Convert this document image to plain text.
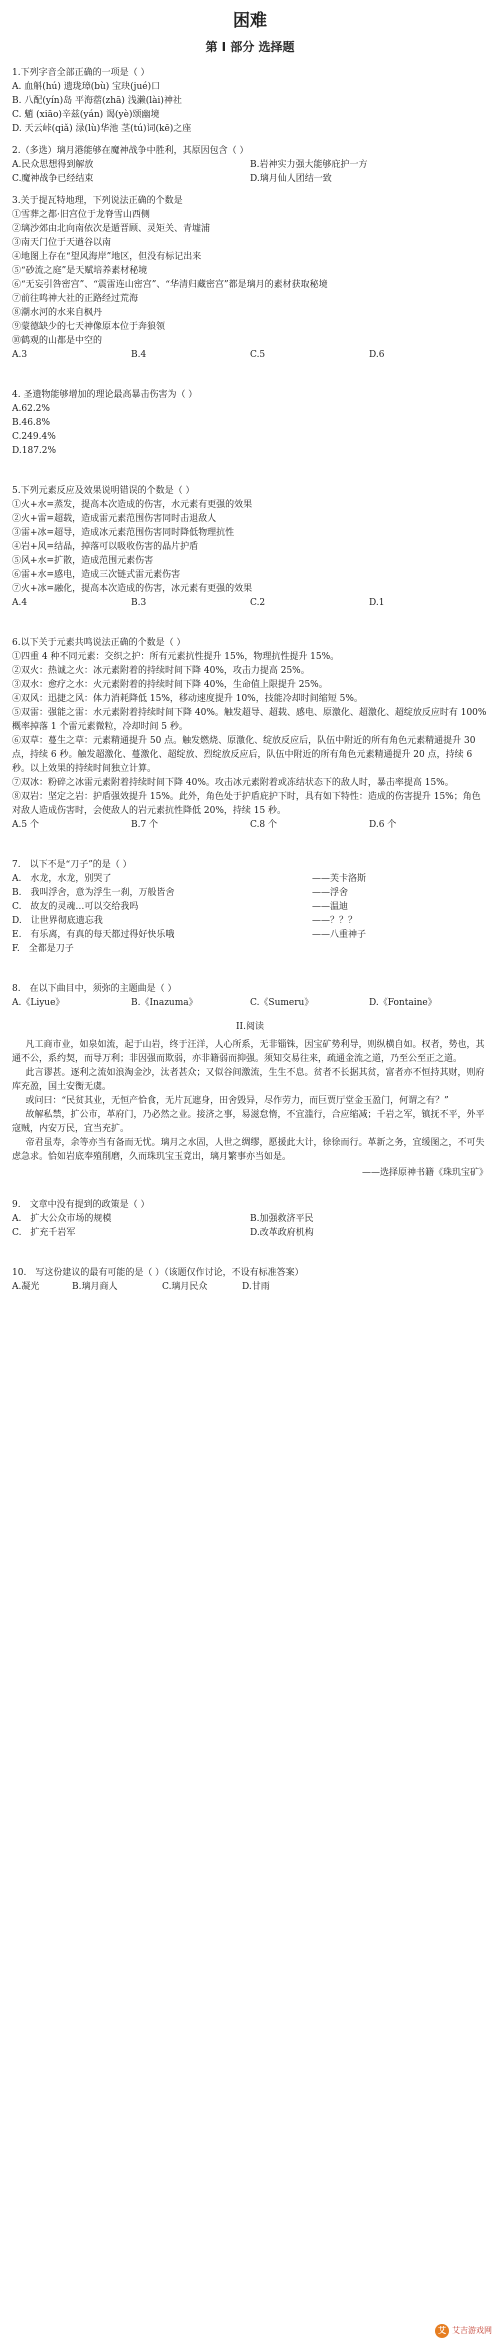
困难
第 I 部分 选择题
1.下列字音全部正确的一项是（ ）
A. 血斛(hú) 遗珑璋(bù) 宝玦(jué)口
B. 八配(yín)岛 平海蓿(zhā) 浅濑(lài)神社
C. 魈 (xiāo)辛兹(yán) 谒(yè)颂幽境
D. 天云峠(qiǎ) 渌(lù)华池 茎(tú)词(kē)之座
2.（多选）璃月港能够在魔神战争中胜利，其原因包含（ ）
A.民众思想得到解放	B.岩神实力强大能够庇护一方
C.魔神战争已经结束	D.璃月仙人团结一致
3.关于提瓦特地理，下列说法正确的个数是
①雪葬之都·旧宫位于龙脊雪山西侧
②璃沙郊由北向南依次是遁晋顾、灵矩关、青墟浦
③南天门位于天遒谷以南
④地图上存在“望风海岸”地区，但没有标记出来
⑤“砂流之庭”是天赋培养素材秘境
⑥“无妄引咎密宫”、“震雷连山密宫”、“华清归藏密宫”都是璃月的素材获取秘境
⑦前往鸣神大社的正路经过荒海
⑧潮水河的水来自枫丹
⑨蒙德缺少的七天神像原本位于奔狼领
⑩鹤观的山都是中空的
A.3	B.4	C.5	D.6
4. 圣遗物能够增加的理论最高暴击伤害为（ ）
A.62.2%
B.46.8%
C.249.4%
D.187.2%
5.下列元素反应及效果说明错误的个数是（ ）
①火+水=蒸发，提高本次造成的伤害，水元素有更强的效果
②火+雷=超载，造成雷元素范围伤害同时击退敌人
③雷+冰=超导，造成冰元素范围伤害同时降低物理抗性
④岩+风=结晶，掉落可以吸收伤害的晶片护盾
⑤风+水=扩散，造成范围元素伤害
⑥雷+水=感电，造成三次链式雷元素伤害
⑦火+冰=融化，提高本次造成的伤害，冰元素有更强的效果
A.4	B.3	C.2	D.1
6.以下关于元素共鸣说法正确的个数是（ ）
①四重 4 种不同元素：交织之护：所有元素抗性提升 15%，物理抗性提升 15%。
②双火：热诚之火：冰元素附着的持续时间下降 40%，攻击力提高 25%。
③双水：愈疗之水：火元素附着的持续时间下降 40%，生命值上限提升 25%。
④双风：迅捷之风：体力消耗降低 15%，移动速度提升 10%，技能冷却时间缩短 5%。
⑤双雷：强能之雷：水元素附着持续时间下降 40%。触发超导、超载、感电、原激化、超激化、超绽放反应时有 100%概率掉落 1 个雷元素微粒，冷却时间 5 秒。
⑥双草：蔓生之草：元素精通提升 50 点。触发燃烧、原激化、绽放反应后，队伍中附近的所有角色元素精通提升 30 点，持续 6 秒。触发超激化、蔓激化、超绽放、烈绽放反应后，队伍中附近的所有角色元素精通提升 20 点，持续 6 秒。以上效果的持续时间独立计算。
⑦双冰：粉碎之冰雷元素附着持续时间下降 40%。攻击冰元素附着或冻结状态下的敌人时，暴击率提高 15%。
⑧双岩：坚定之岩：护盾强效提升 15%。此外，角色处于护盾庇护下时，具有如下特性：造成的伤害提升 15%；角色对敌人造成伤害时，会使敌人的岩元素抗性降低 20%，持续 15 秒。
A.5 个	B.7 个	C.8 个	D.6 个
7.　以下不是“刀子”的是（ ）
A.　水龙，水龙，别哭了	——芙卡洛斯
B.　我叫浮舍，意为浮生一刹，万般皆舍	——浮舍
C.　故友的灵魂…可以交给我吗	——温迪
D.　让世界彻底遗忘我	——？？？
E.　有乐离，有真的每天都过得好快乐哦	——八重神子
F.　全都是刀子
8.　在以下曲目中，须弥的主题曲是（ ）
A.《Liyue》	B.《Inazuma》	C.《Sumeru》	D.《Fontaine》
II.阅读

凡工商市业，如泉如流，起于山岩，终于汪洋，人心所系，无非锱铢，因宝矿势利导，则纵横自如。权者，势也，其通不公，系约契，而导万利；非因强而欺弱，亦非籍弱而抑强。须知交易往来，疏通金流之道，乃至公至正之道。

此言谬甚。逐利之流如浪淘金沙，汰者甚众；又似谷间激流，生生不息。贫者不长据其贫，富者亦不恒持其财，则府库充盈，国土安衡无虞。

或问曰：“民贫其业，无恒产恰食，无片瓦遮身，田舍毁异，尽作劳力，而巨贾厅堂金玉盈门，何谓之有？”

故解私禁，扩公市，革府门，乃必然之业。接济之事，易滋怠惰，不宜滥行，合应缩减；千岩之军，镇抚不平，外平寇贼，内安万民，宜当充扩。

帝君虽寿，余等亦当有备而无忧。璃月之水固，人世之绸缪，愿援此大计，徐徐而行。革新之务，宜缓图之，不可失虑急求。恰如岩底奉殖削磨，久而珠玑宝玉竟出，璃月繁事亦当如是。

——选择原神书籍《珠玑宝矿》
9.　文章中没有提到的政策是（ ）
A.　扩大公众市场的规模	B.加强救济平民
C.　扩充千岩军	D.改革政府机构
10.　写这份建议的最有可能的是（ ）（该题仅作讨论，不设有标准答案）
A.凝光	B.璃月商人	C.璃月民众	D.甘雨
艾 艾吉游戏网
